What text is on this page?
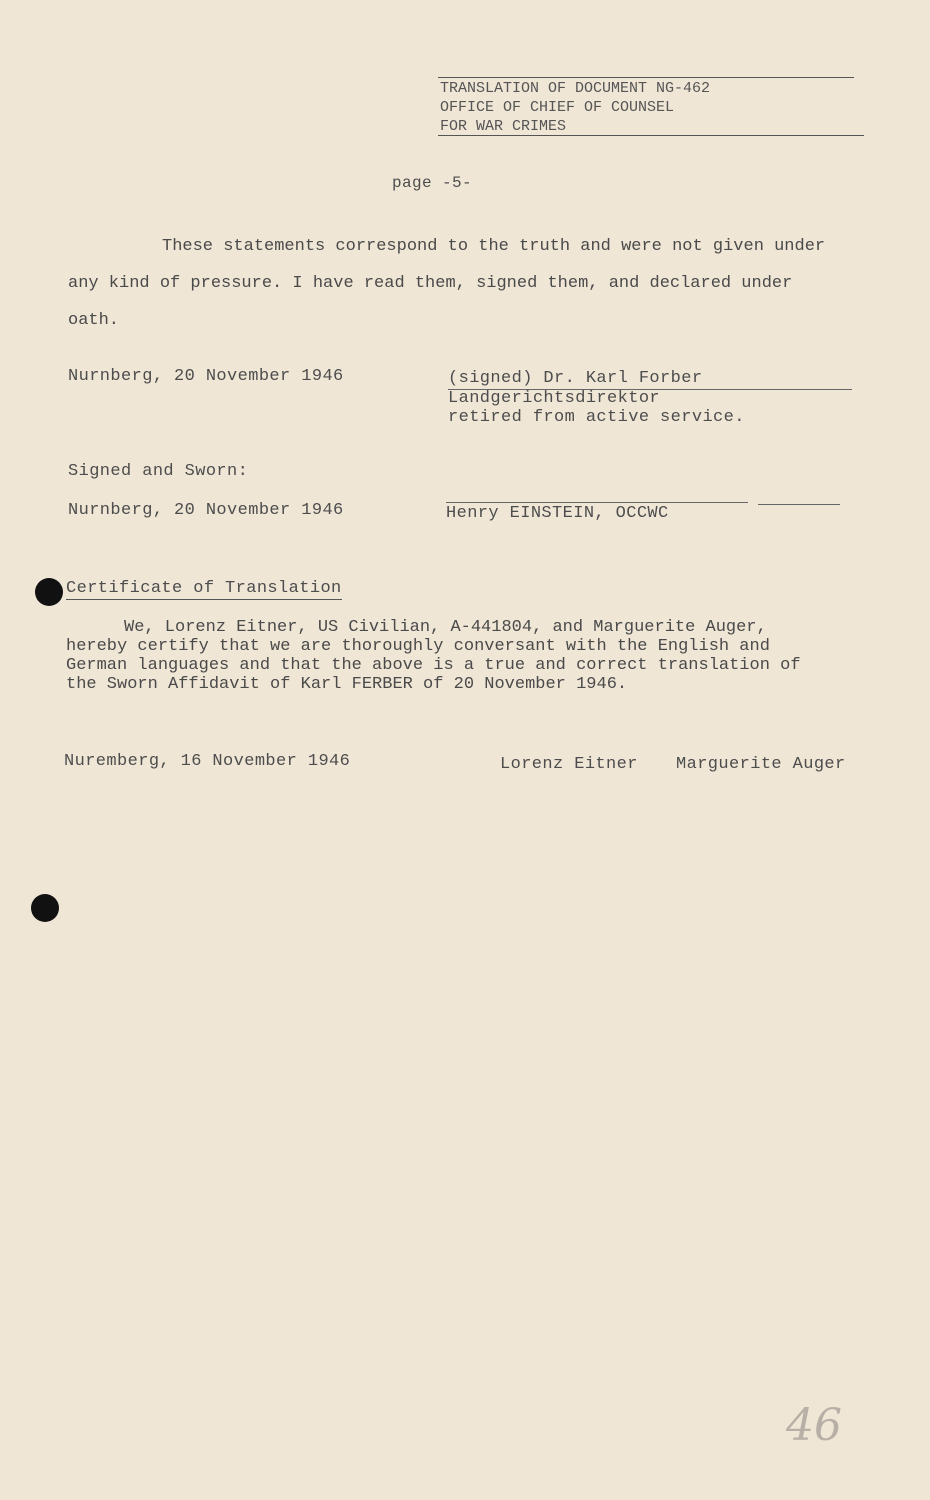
TRANSLATION OF DOCUMENT NG-462
OFFICE OF CHIEF OF COUNSEL
FOR WAR CRIMES
page -5-
These statements correspond to the truth and were not given under any kind of pressure. I have read them, signed them, and declared under oath.
Nurnberg, 20 November 1946	(signed) Dr. Karl Forber
Landgerichtsdirektor
retired from active service.
Signed and Sworn:
Nurnberg, 20 November 1946	Henry EINSTEIN, OCCWC
Certificate of Translation
We, Lorenz Eitner, US Civilian, A-441804, and Marguerite Auger, hereby certify that we are thoroughly conversant with the English and German languages and that the above is a true and correct translation of the Sworn Affidavit of Karl FERBER of 20 November 1946.
Nuremberg, 16 November 1946	Lorenz Eitner Marguerite Auger
46
